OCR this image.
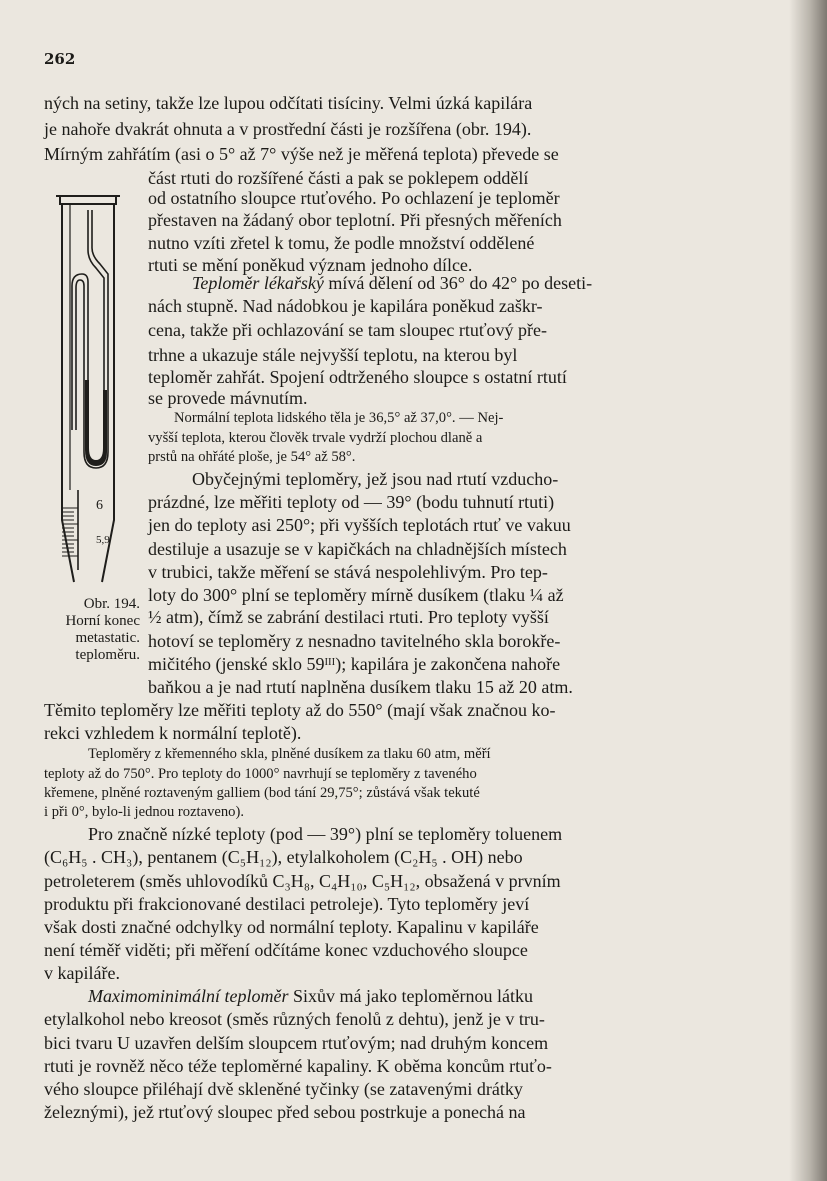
262
ných na setiny, takže lze lupou odčítati tisíciny. Velmi úzká kapilára
je nahoře dvakrát ohnuta a v prostřední části je rozšířena (obr. 194).
Mírným zahřátím (asi o 5° až 7° výše než je měřená teplota) převede se
část rtuti do rozšířené části a pak se poklepem oddělí
od ostatního sloupce rtuťového. Po ochlazení je teploměr
přestaven na žádaný obor teplotní. Při přesných měřeních
nutno vzíti zřetel k tomu, že podle množství oddělené
rtuti se mění poněkud význam jednoho dílce.
Teploměr lékařský mívá dělení od 36° do 42° po deseti-
nách stupně. Nad nádobkou je kapilára poněkud zaškr-
cena, takže při ochlazování se tam sloupec rtuťový pře-
trhne a ukazuje stále nejvyšší teplotu, na kterou byl
teploměr zahřát. Spojení odtrženého sloupce s ostatní rtutí
se provede mávnutím.
Normální teplota lidského těla je 36,5° až 37,0°. — Nej-
vyšší teplota, kterou člověk trvale vydrží plochou dlaně a
prstů na ohřáté ploše, je 54° až 58°.
Obyčejnými teploměry, jež jsou nad rtutí vzducho-
prázdné, lze měřiti teploty od — 39° (bodu tuhnutí rtuti)
jen do teploty asi 250°; při vyšších teplotách rtuť ve vakuu
destiluje a usazuje se v kapičkách na chladnějších místech
v trubici, takže měření se stává nespolehlivým. Pro tep-
loty do 300° plní se teploměry mírně dusíkem (tlaku ¼ až
½ atm), čímž se zabrání destilaci rtuti. Pro teploty vyšší
hotoví se teploměry z nesnadno tavitelného skla borokře-
mičitého (jenské sklo 59ᴵᴵᴵ); kapilára je zakončena nahoře
baňkou a je nad rtutí naplněna dusíkem tlaku 15 až 20 atm.
Těmito teploměry lze měřiti teploty až do 550° (mají však značnou ko-
rekci vzhledem k normální teplotě).
Teploměry z křemenného skla, plněné dusíkem za tlaku 60 atm, měří
teploty až do 750°. Pro teploty do 1000° navrhují se teploměry z taveného
křemene, plněné roztaveným galliem (bod tání 29,75°; zůstává však tekuté
i při 0°, bylo-li jednou roztaveno).
Pro značně nízké teploty (pod — 39°) plní se teploměry toluenem
(C₆H₅ . CH₃), pentanem (C₅H₁₂), etylalkoholem (C₂H₅ . OH) nebo
petroleterem (směs uhlovodíků C₃H₈, C₄H₁₀, C₅H₁₂, obsažená v prvním
produktu při frakcionované destilaci petroleje). Tyto teploměry jeví
však dosti značné odchylky od normální teploty. Kapalinu v kapiláře
není téměř viděti; při měření odčítáme konec vzduchového sloupce
v kapiláře.
Maximominimální teploměr Sixův má jako teploměrnou látku
etylalkohol nebo kreosot (směs různých fenolů z dehtu), jenž je v tru-
bici tvaru U uzavřen delším sloupcem rtuťovým; nad druhým koncem
rtuti je rovněž něco téže teploměrné kapaliny. K oběma koncům rtuťo-
vého sloupce přiléhají dvě skleněné tyčinky (se zatavenými drátky
železnými), jež rtuťový sloupec před sebou postrkuje a ponechá na
6
5,9
Obr. 194.
Horní konec
metastatic.
teploměru.
